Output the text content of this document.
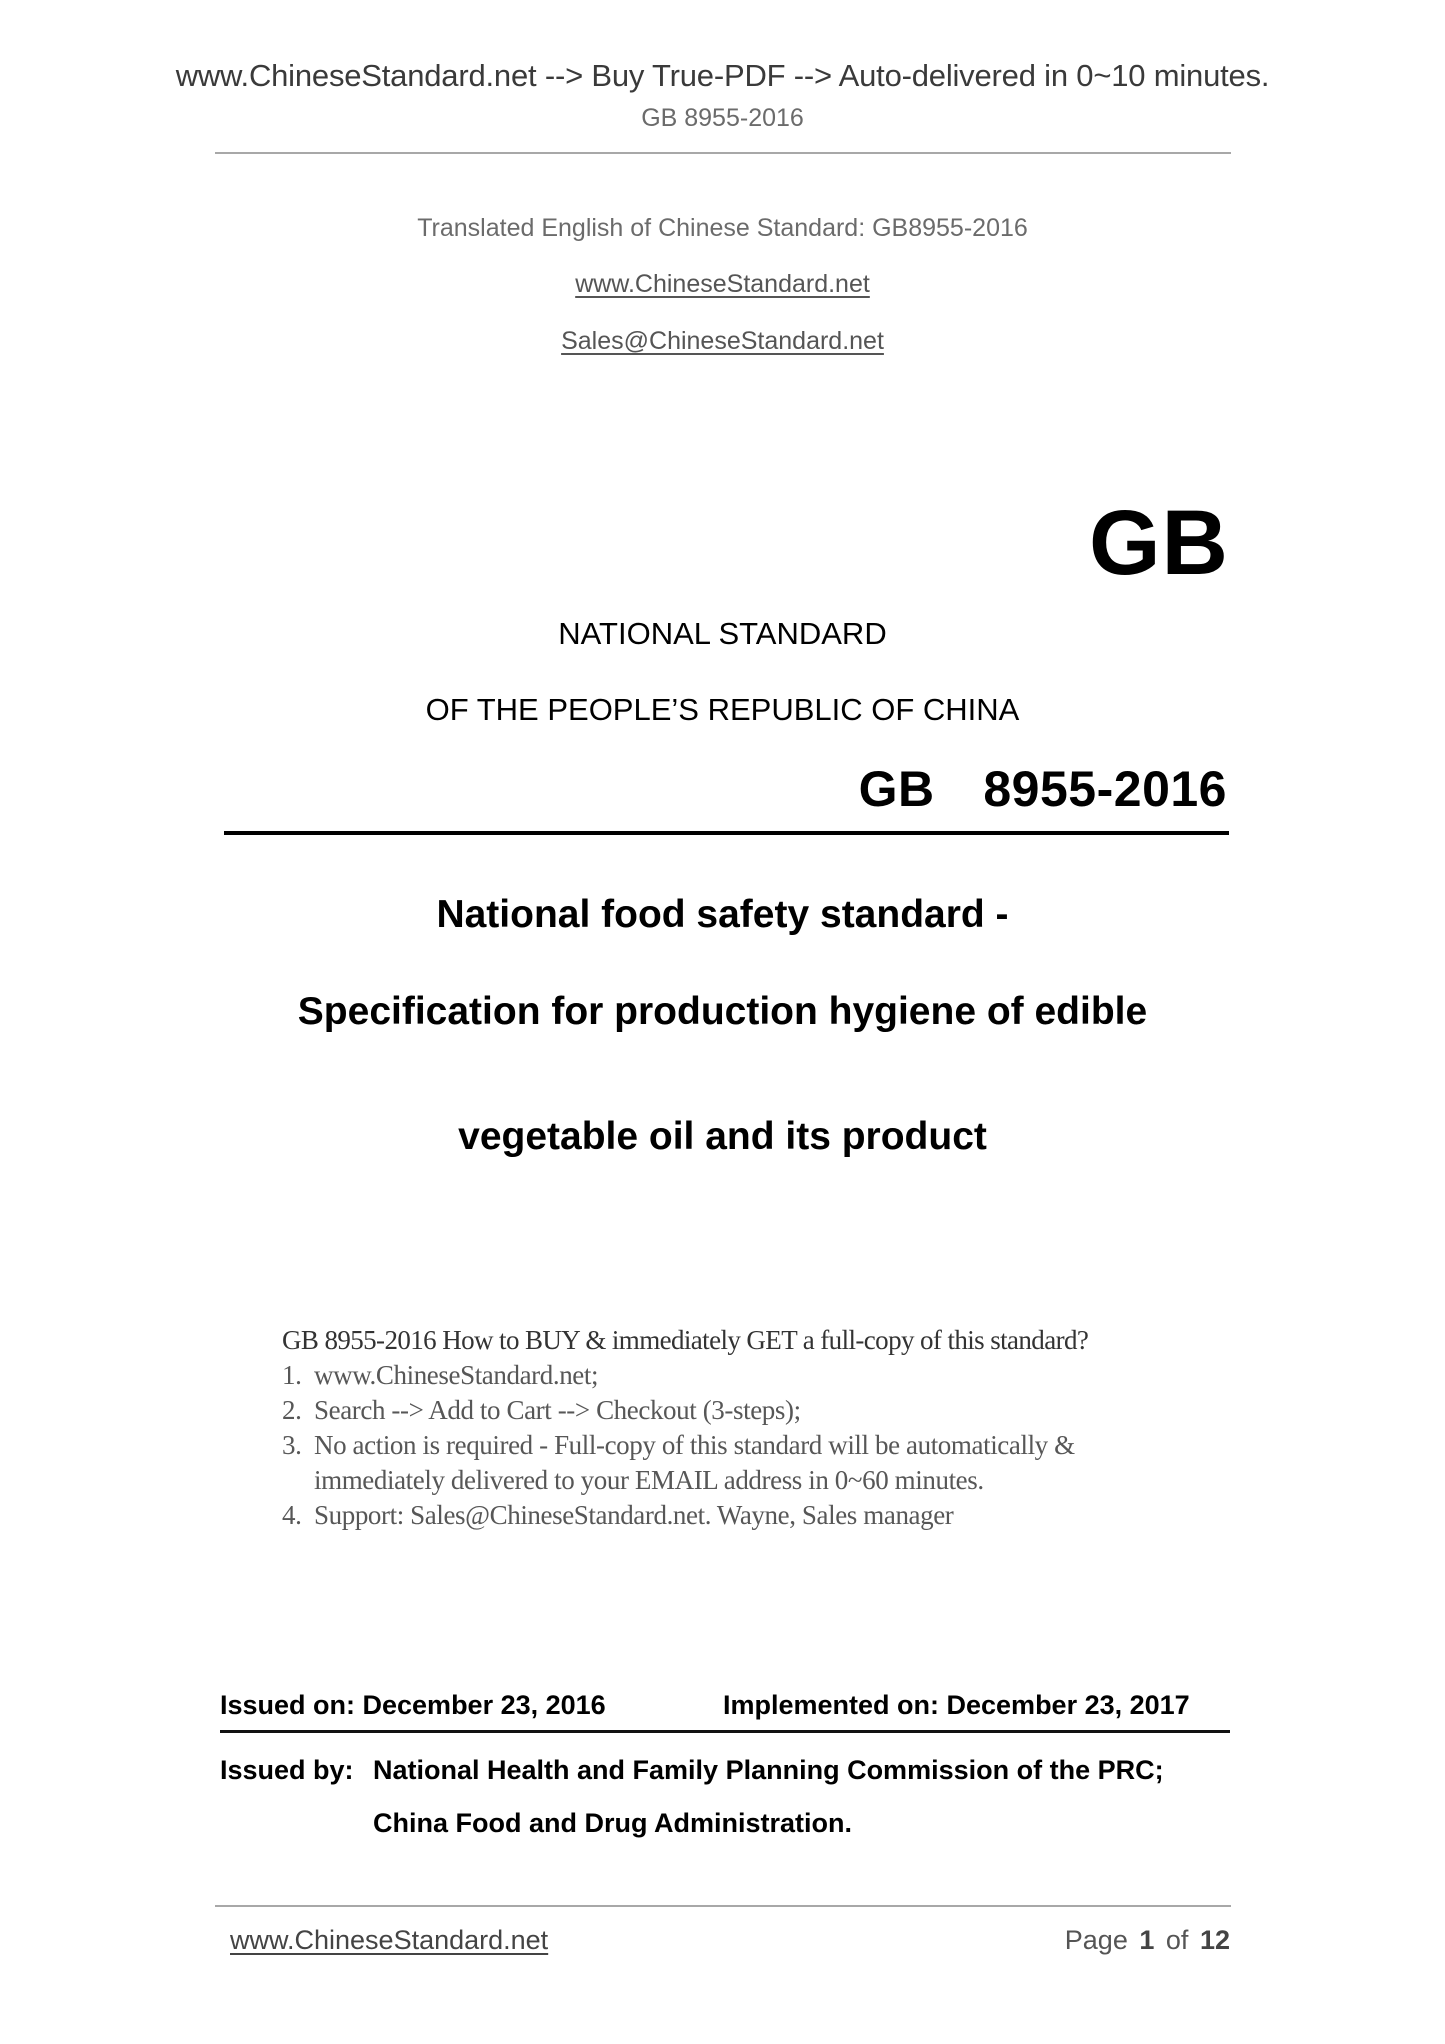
www.ChineseStandard.net --> Buy True-PDF --> Auto-delivered in 0~10 minutes.
GB 8955-2016
Translated English of Chinese Standard: GB8955-2016
www.ChineseStandard.net
Sales@ChineseStandard.net
GB
NATIONAL STANDARD
OF THE PEOPLE’S REPUBLIC OF CHINA
GB  8955-2016
National food safety standard -
Specification for production hygiene of edible
vegetable oil and its product
GB 8955-2016 How to BUY & immediately GET a full-copy of this standard?
1. www.ChineseStandard.net;
2. Search --> Add to Cart --> Checkout (3-steps);
3. No action is required - Full-copy of this standard will be automatically & immediately delivered to your EMAIL address in 0~60 minutes.
4. Support: Sales@ChineseStandard.net. Wayne, Sales manager
Issued on: December 23, 2016	Implemented on: December 23, 2017
Issued by: National Health and Family Planning Commission of the PRC;
China Food and Drug Administration.
www.ChineseStandard.net	Page 1 of 12
